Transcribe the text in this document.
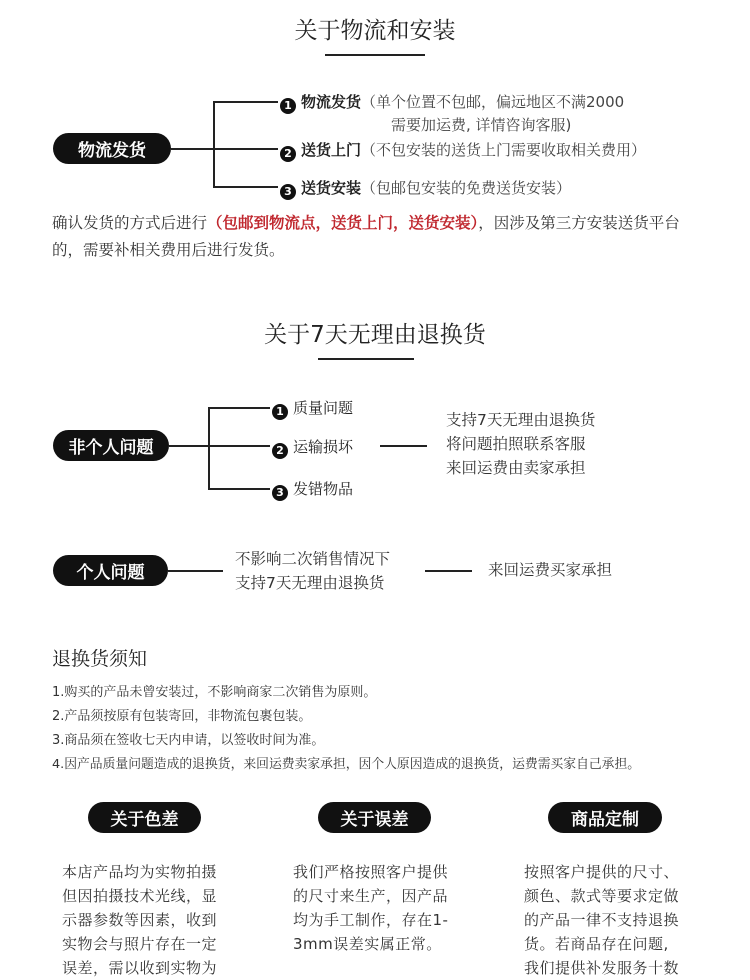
关于物流和安装
物流发货
1 物流发货（单个位置不包邮，偏远地区不满2000
需要加运费, 详情咨询客服)
2 送货上门（不包安装的送货上门需要收取相关费用）
3 送货安装（包邮包安装的免费送货安装）
确认发货的方式后进行（包邮到物流点，送货上门，送货安装），因涉及第三方安装送货平台的，需要补相关费用后进行发货。
关于7天无理由退换货
非个人问题
1 质量问题
2 运输损坏
3 发错物品
支持7天无理由退换货
将问题拍照联系客服
来回运费由卖家承担
个人问题
不影响二次销售情况下
支持7天无理由退换货
来回运费买家承担
退换货须知
1.购买的产品未曾安装过，不影响商家二次销售为原则。
2.产品须按原有包装寄回，非物流包裹包装。
3.商品须在签收七天内申请，以签收时间为准。
4.因产品质量问题造成的退换货，来回运费卖家承担，因个人原因造成的退换货，运费需买家自己承担。
关于色差	关于误差	商品定制
本店产品均为实物拍摄
但因拍摄技术光线，显
示器参数等因素，收到
实物会与照片存在一定
误差，需以收到实物为
我们严格按照客户提供
的尺寸来生产，因产品
均为手工制作，存在1-
3mm误差实属正常。
按照客户提供的尺寸、
颜色、款式等要求定做
的产品一律不支持退换
货。若商品存在问题,
我们提供补发服务十数
